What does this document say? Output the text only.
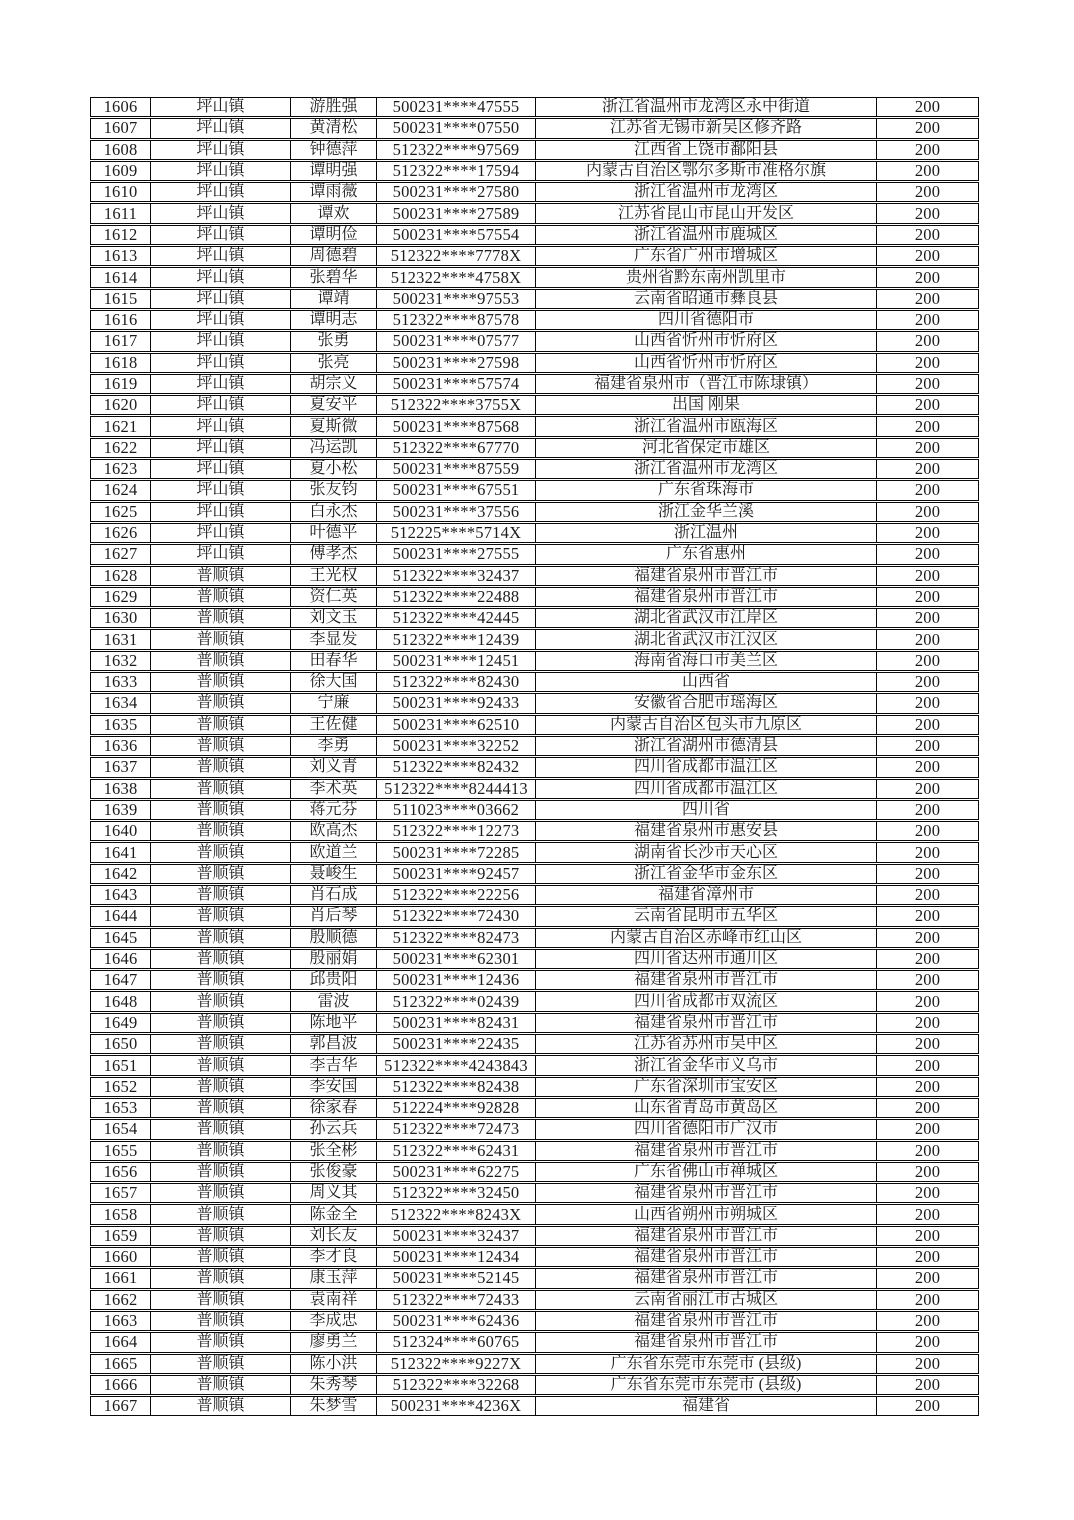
1606	坪山镇	游胜强	500231****47555	浙江省温州市龙湾区永中街道	200
1607	坪山镇	黄清松	500231****07550	江苏省无锡市新吴区修齐路	200
1608	坪山镇	钟德萍	512322****97569	江西省上饶市鄱阳县	200
1609	坪山镇	谭明强	512322****17594	内蒙古自治区鄂尔多斯市准格尔旗	200
1610	坪山镇	谭雨薇	500231****27580	浙江省温州市龙湾区	200
1611	坪山镇	谭欢	500231****27589	江苏省昆山市昆山开发区	200
1612	坪山镇	谭明俭	500231****57554	浙江省温州市鹿城区	200
1613	坪山镇	周德碧	512322****7778X	广东省广州市增城区	200
1614	坪山镇	张碧华	512322****4758X	贵州省黔东南州凯里市	200
1615	坪山镇	谭靖	500231****97553	云南省昭通市彝良县	200
1616	坪山镇	谭明志	512322****87578	四川省德阳市	200
1617	坪山镇	张勇	500231****07577	山西省忻州市忻府区	200
1618	坪山镇	张亮	500231****27598	山西省忻州市忻府区	200
1619	坪山镇	胡宗义	500231****57574	福建省泉州市（晋江市陈埭镇）	200
1620	坪山镇	夏安平	512322****3755X	出国 刚果	200
1621	坪山镇	夏斯微	500231****87568	浙江省温州市瓯海区	200
1622	坪山镇	冯运凯	512322****67770	河北省保定市雄区	200
1623	坪山镇	夏小松	500231****87559	浙江省温州市龙湾区	200
1624	坪山镇	张友钧	500231****67551	广东省珠海市	200
1625	坪山镇	白永杰	500231****37556	浙江金华兰溪	200
1626	坪山镇	叶德平	512225****5714X	浙江温州	200
1627	坪山镇	傅孝杰	500231****27555	广东省惠州	200
1628	普顺镇	王光权	512322****32437	福建省泉州市晋江市	200
1629	普顺镇	资仁英	512322****22488	福建省泉州市晋江市	200
1630	普顺镇	刘文玉	512322****42445	湖北省武汉市江岸区	200
1631	普顺镇	李显发	512322****12439	湖北省武汉市江汉区	200
1632	普顺镇	田春华	500231****12451	海南省海口市美兰区	200
1633	普顺镇	徐大国	512322****82430	山西省	200
1634	普顺镇	宁廉	500231****92433	安徽省合肥市瑶海区	200
1635	普顺镇	王佐健	500231****62510	内蒙古自治区包头市九原区	200
1636	普顺镇	李勇	500231****32252	浙江省湖州市德清县	200
1637	普顺镇	刘义青	512322****82432	四川省成都市温江区	200
1638	普顺镇	李术英	512322****8244413	四川省成都市温江区	200
1639	普顺镇	蒋元芬	511023****03662	四川省	200
1640	普顺镇	欧高杰	512322****12273	福建省泉州市惠安县	200
1641	普顺镇	欧道兰	500231****72285	湖南省长沙市天心区	200
1642	普顺镇	聂峻生	500231****92457	浙江省金华市金东区	200
1643	普顺镇	肖石成	512322****22256	福建省漳州市	200
1644	普顺镇	肖后琴	512322****72430	云南省昆明市五华区	200
1645	普顺镇	殷顺德	512322****82473	内蒙古自治区赤峰市红山区	200
1646	普顺镇	殷丽娟	500231****62301	四川省达州市通川区	200
1647	普顺镇	邱贵阳	500231****12436	福建省泉州市晋江市	200
1648	普顺镇	雷波	512322****02439	四川省成都市双流区	200
1649	普顺镇	陈地平	500231****82431	福建省泉州市晋江市	200
1650	普顺镇	郭昌波	500231****22435	江苏省苏州市吴中区	200
1651	普顺镇	李吉华	512322****4243843	浙江省金华市义乌市	200
1652	普顺镇	李安国	512322****82438	广东省深圳市宝安区	200
1653	普顺镇	徐家春	512224****92828	山东省青岛市黄岛区	200
1654	普顺镇	孙云兵	512322****72473	四川省德阳市广汉市	200
1655	普顺镇	张全彬	512322****62431	福建省泉州市晋江市	200
1656	普顺镇	张俊豪	500231****62275	广东省佛山市禅城区	200
1657	普顺镇	周义其	512322****32450	福建省泉州市晋江市	200
1658	普顺镇	陈金全	512322****8243X	山西省朔州市朔城区	200
1659	普顺镇	刘长友	500231****32437	福建省泉州市晋江市	200
1660	普顺镇	李才良	500231****12434	福建省泉州市晋江市	200
1661	普顺镇	康玉萍	500231****52145	福建省泉州市晋江市	200
1662	普顺镇	袁南祥	512322****72433	云南省丽江市古城区	200
1663	普顺镇	李成忠	500231****62436	福建省泉州市晋江市	200
1664	普顺镇	廖勇兰	512324****60765	福建省泉州市晋江市	200
1665	普顺镇	陈小洪	512322****9227X	广东省东莞市东莞市 (县级)	200
1666	普顺镇	朱秀琴	512322****32268	广东省东莞市东莞市 (县级)	200
1667	普顺镇	朱梦雪	500231****4236X	福建省	200
